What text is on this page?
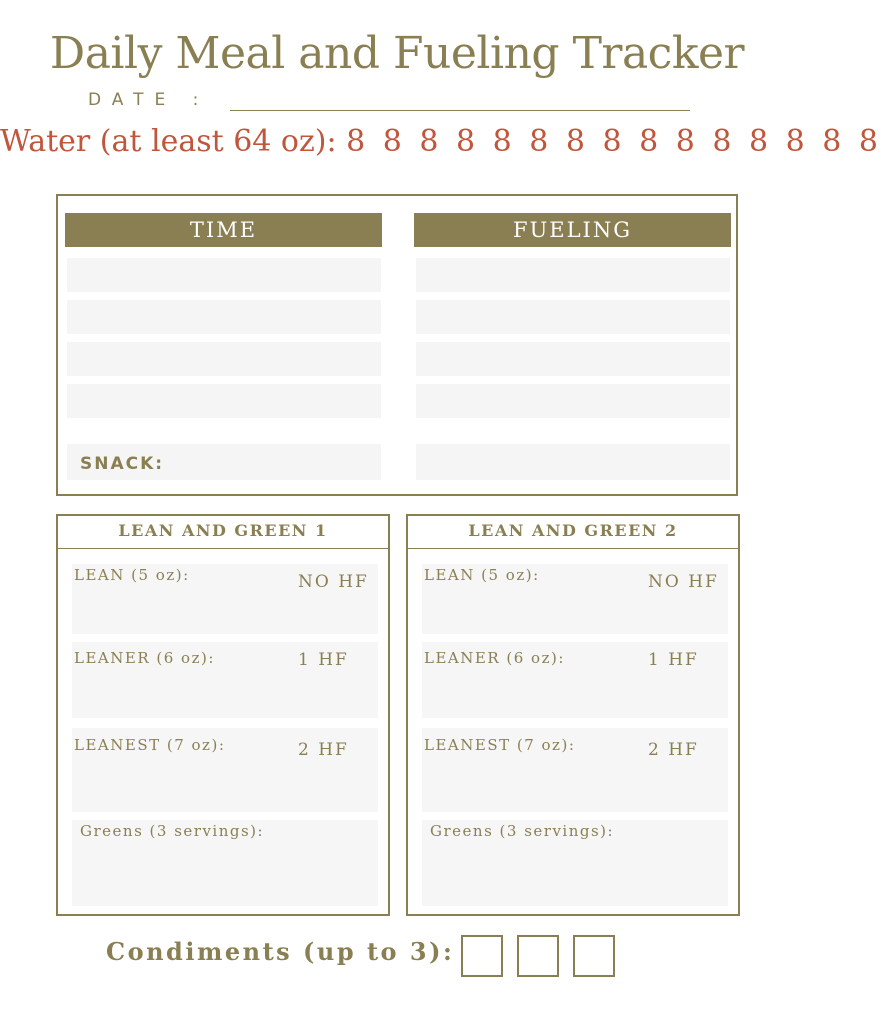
Daily Meal and Fueling Tracker
DATE :
Water (at least 64 oz): 8 8 8 8 8 8 8 8 8 8 8 8 8 8 8
TIME	FUELING
SNACK:
LEAN AND GREEN 1
LEAN (5 oz):	NO HF
LEANER (6 oz):	1 HF
LEANEST (7 oz):	2 HF
Greens (3 servings):
LEAN AND GREEN 2
LEAN (5 oz):	NO HF
LEANER (6 oz):	1 HF
LEANEST (7 oz):	2 HF
Greens (3 servings):
Condiments (up to 3):
